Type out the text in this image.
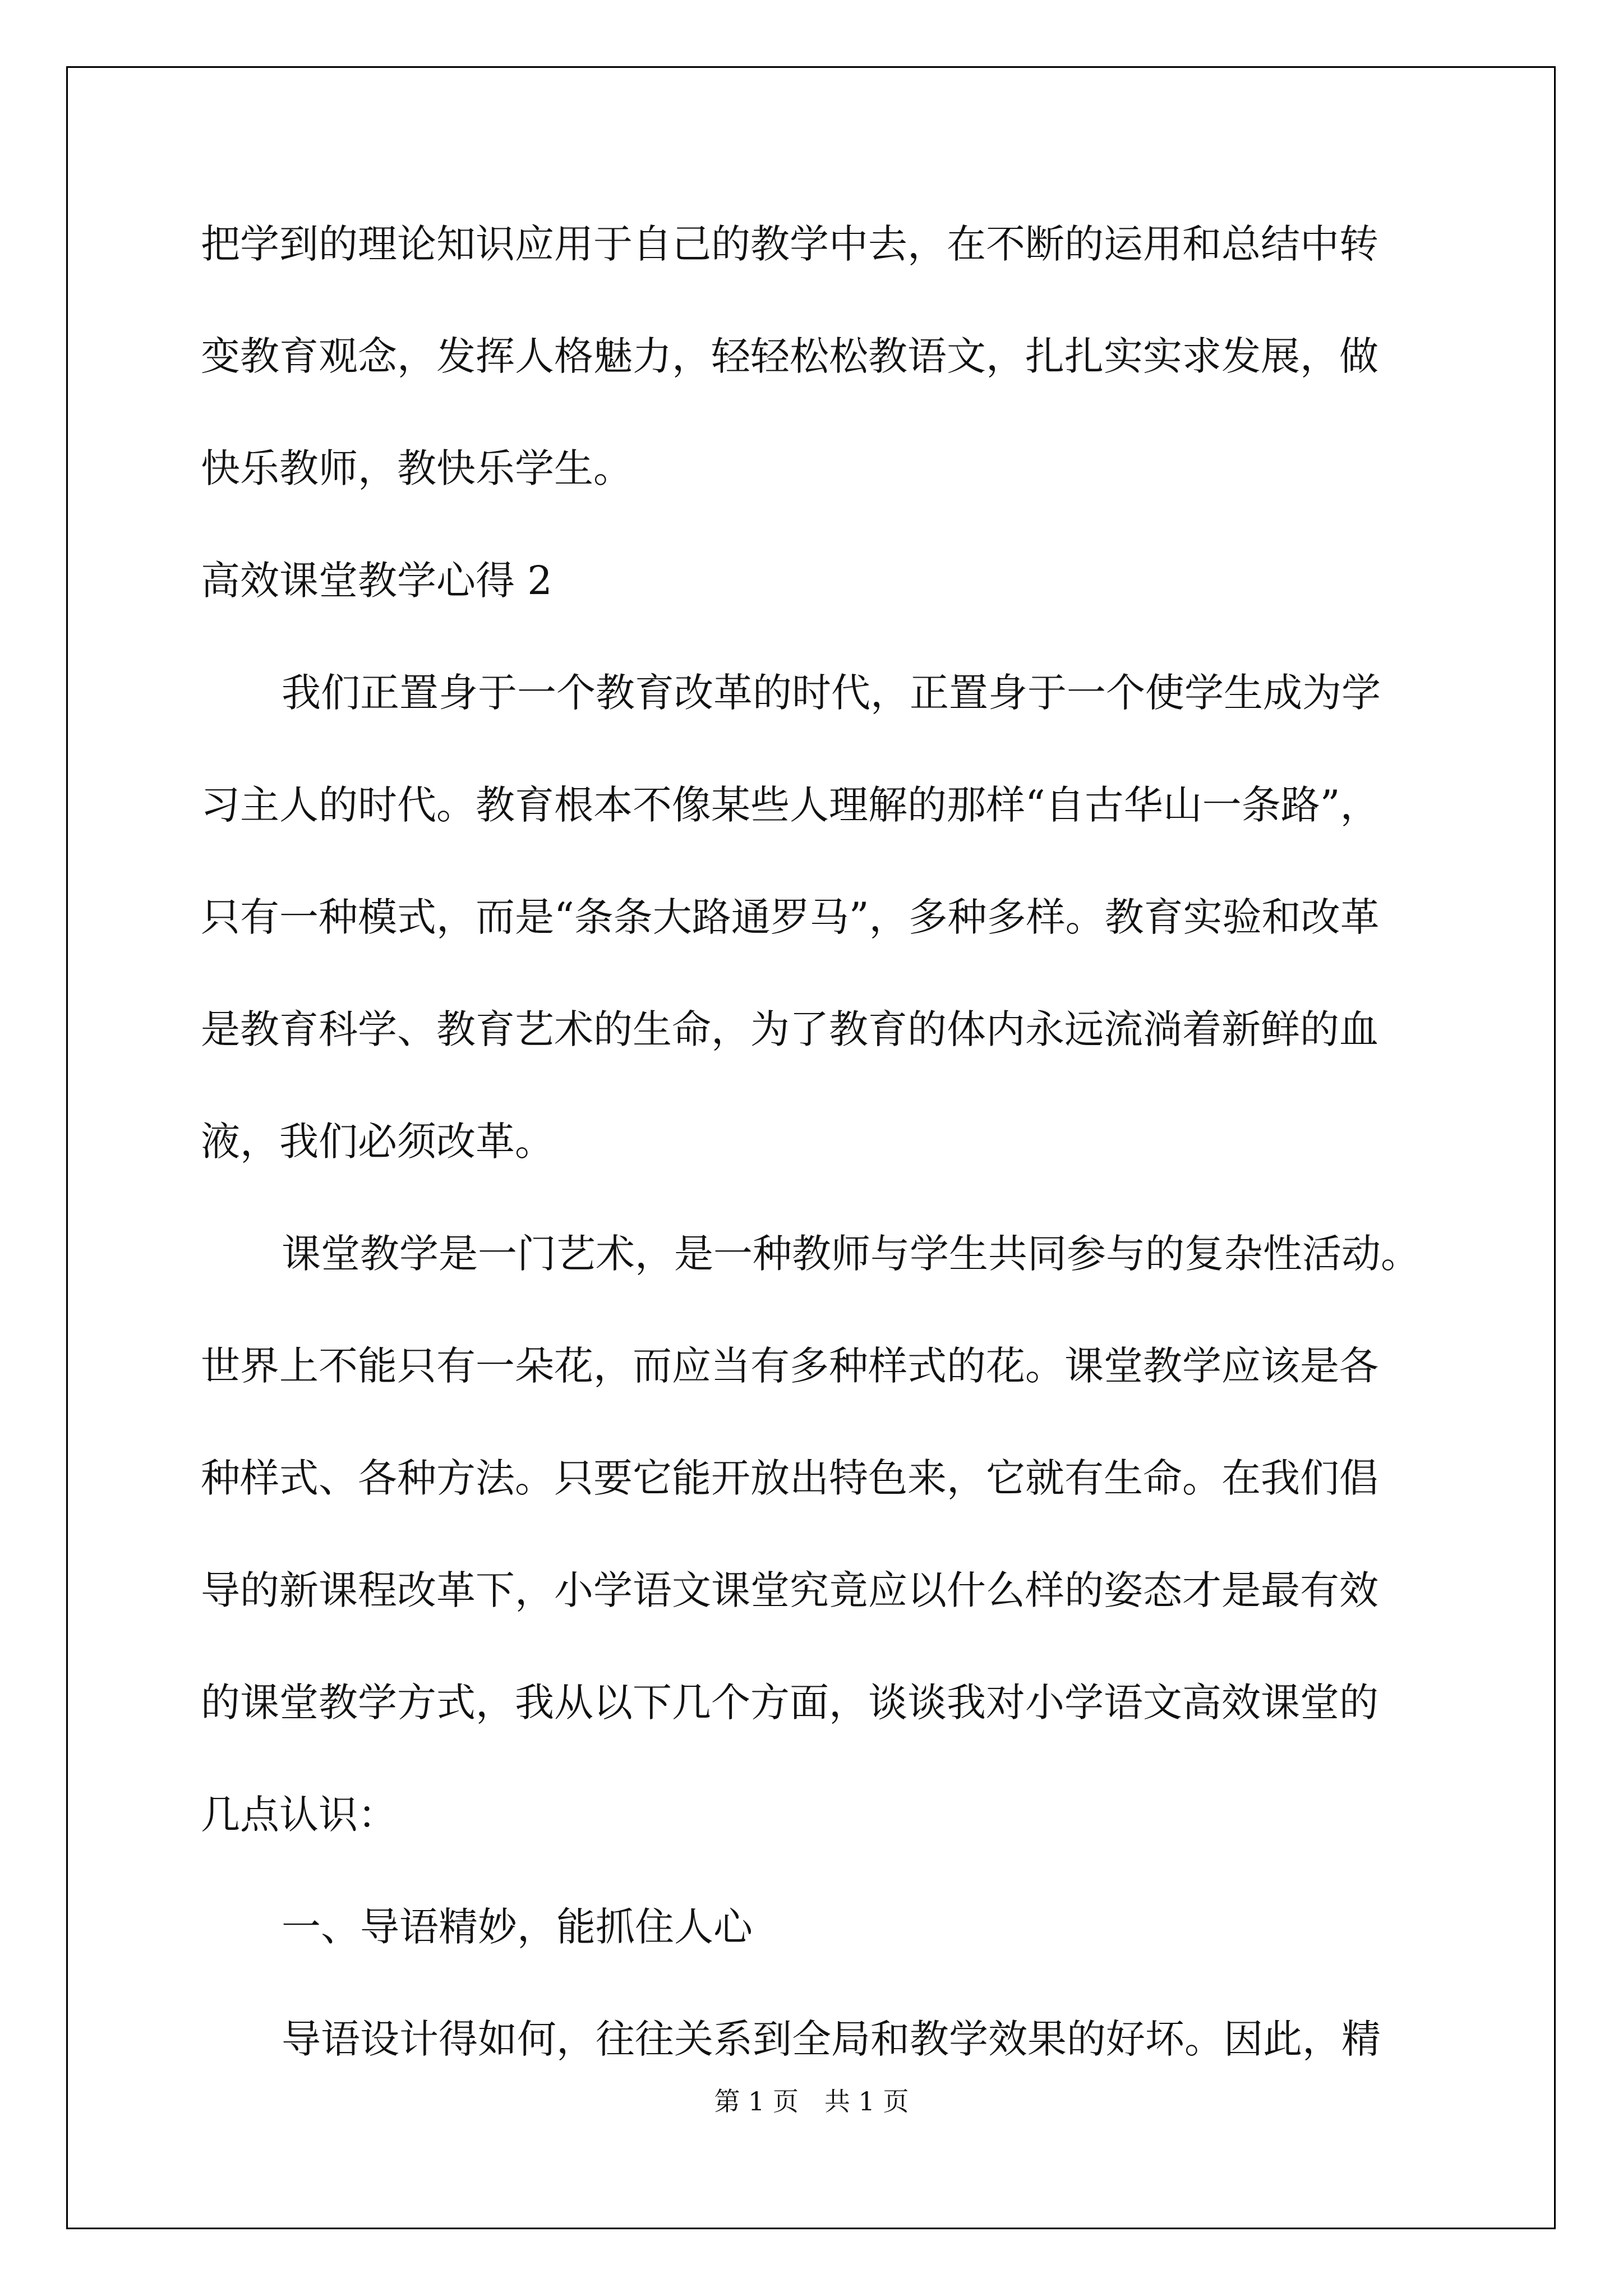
把学到的理论知识应用于自己的教学中去，在不断的运用和总结中转

变教育观念，发挥人格魅力，轻轻松松教语文，扎扎实实求发展，做

快乐教师，教快乐学生。

高效课堂教学心得 2

我们正置身于一个教育改革的时代，正置身于一个使学生成为学

习主人的时代。教育根本不像某些人理解的那样“自古华山一条路”，

只有一种模式，而是“条条大路通罗马”，多种多样。教育实验和改革

是教育科学、教育艺术的生命，为了教育的体内永远流淌着新鲜的血

液，我们必须改革。

课堂教学是一门艺术，是一种教师与学生共同参与的复杂性活动。

世界上不能只有一朵花，而应当有多种样式的花。课堂教学应该是各

种样式、各种方法。只要它能开放出特色来，它就有生命。在我们倡

导的新课程改革下，小学语文课堂究竟应以什么样的姿态才是最有效

的课堂教学方式，我从以下几个方面，谈谈我对小学语文高效课堂的

几点认识：

一、导语精妙，能抓住人心

导语设计得如何，往往关系到全局和教学效果的好坏。因此，精

第 1 页　共 1 页
